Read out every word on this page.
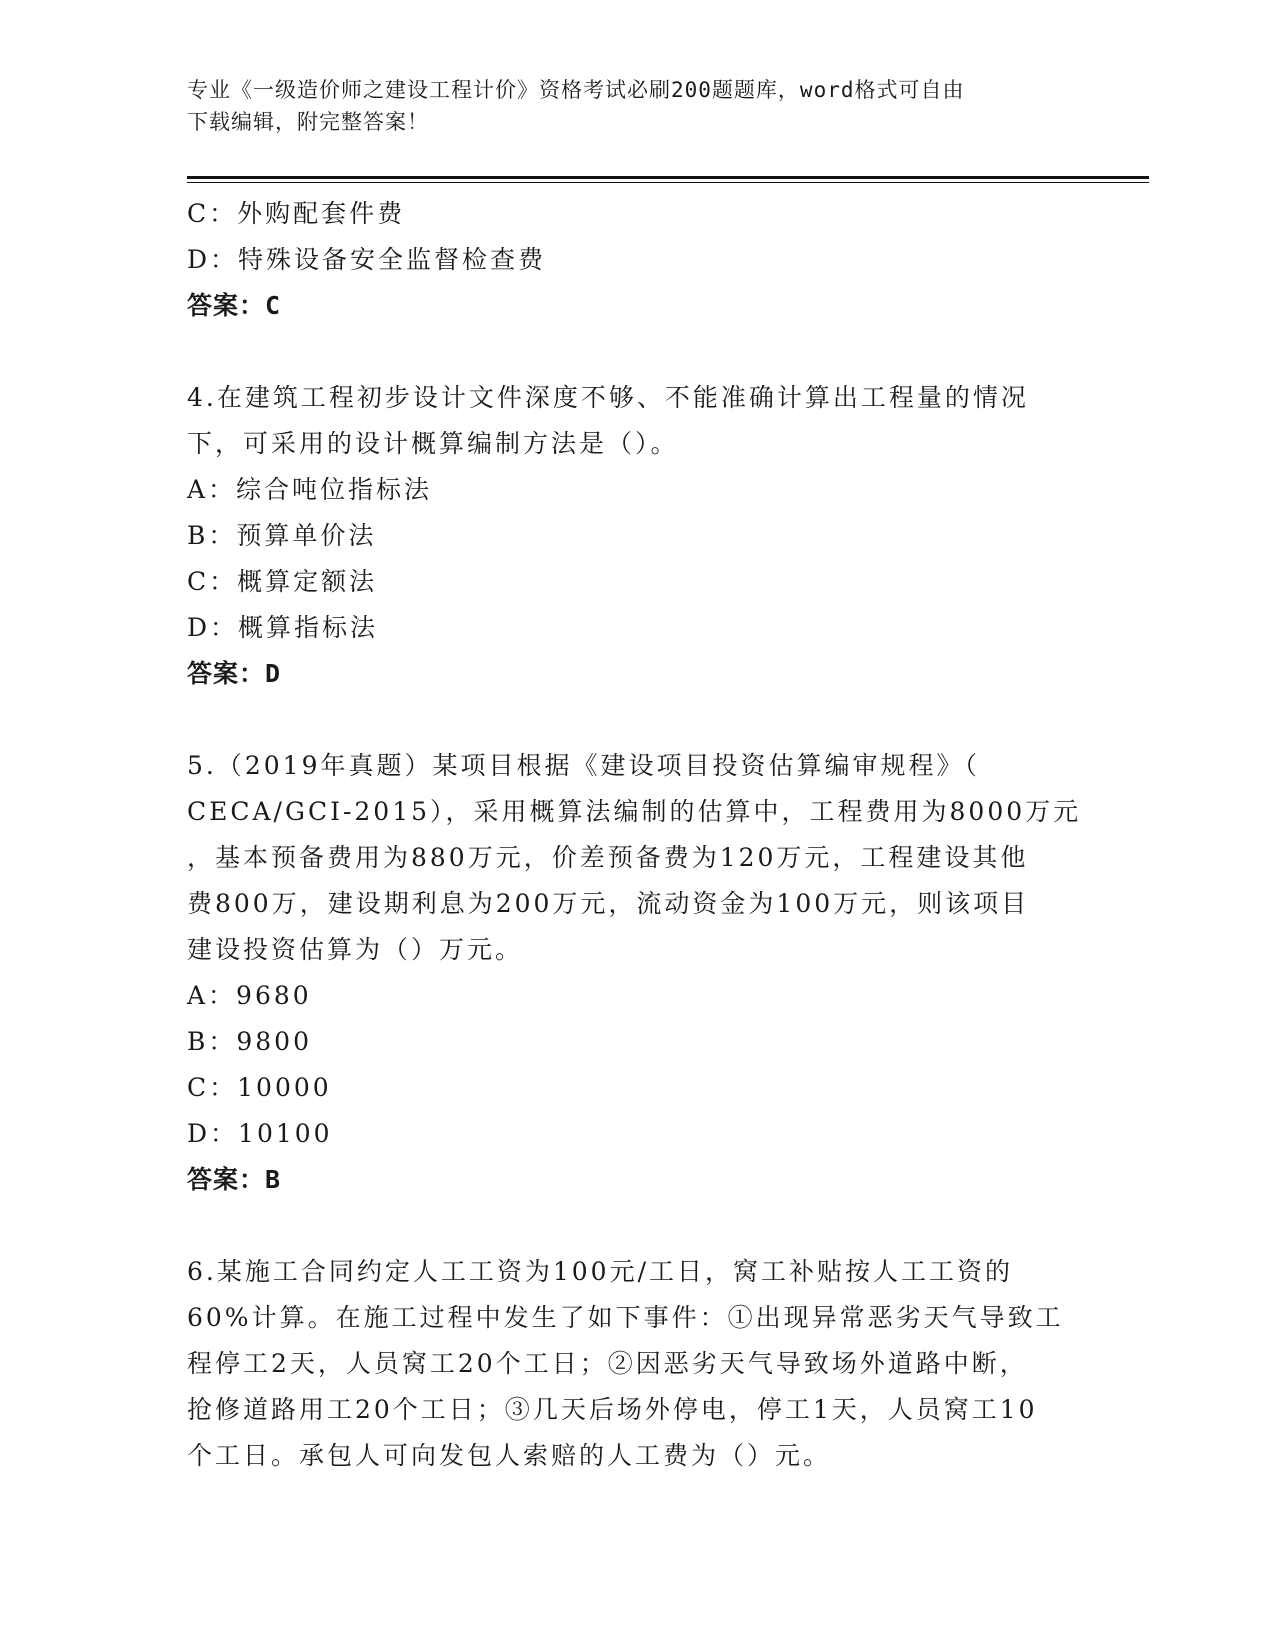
专业《一级造价师之建设工程计价》资格考试必刷200题题库，word格式可自由
下载编辑，附完整答案！
C：外购配套件费
D：特殊设备安全监督检查费
答案：C
4.在建筑工程初步设计文件深度不够、不能准确计算出工程量的情况
下，可采用的设计概算编制方法是（）。
A：综合吨位指标法
B：预算单价法
C：概算定额法
D：概算指标法
答案：D
5.（2019年真题）某项目根据《建设项目投资估算编审规程》（
CECA/GCI-2015），采用概算法编制的估算中，工程费用为8000万元
，基本预备费用为880万元，价差预备费为120万元，工程建设其他
费800万，建设期利息为200万元，流动资金为100万元，则该项目
建设投资估算为（）万元。
A：9680
B：9800
C：10000
D：10100
答案：B
6.某施工合同约定人工工资为100元/工日，窝工补贴按人工工资的
60%计算。在施工过程中发生了如下事件：①出现异常恶劣天气导致工
程停工2天，人员窝工20个工日；②因恶劣天气导致场外道路中断，
抢修道路用工20个工日；③几天后场外停电，停工1天，人员窝工10
个工日。承包人可向发包人索赔的人工费为（）元。
